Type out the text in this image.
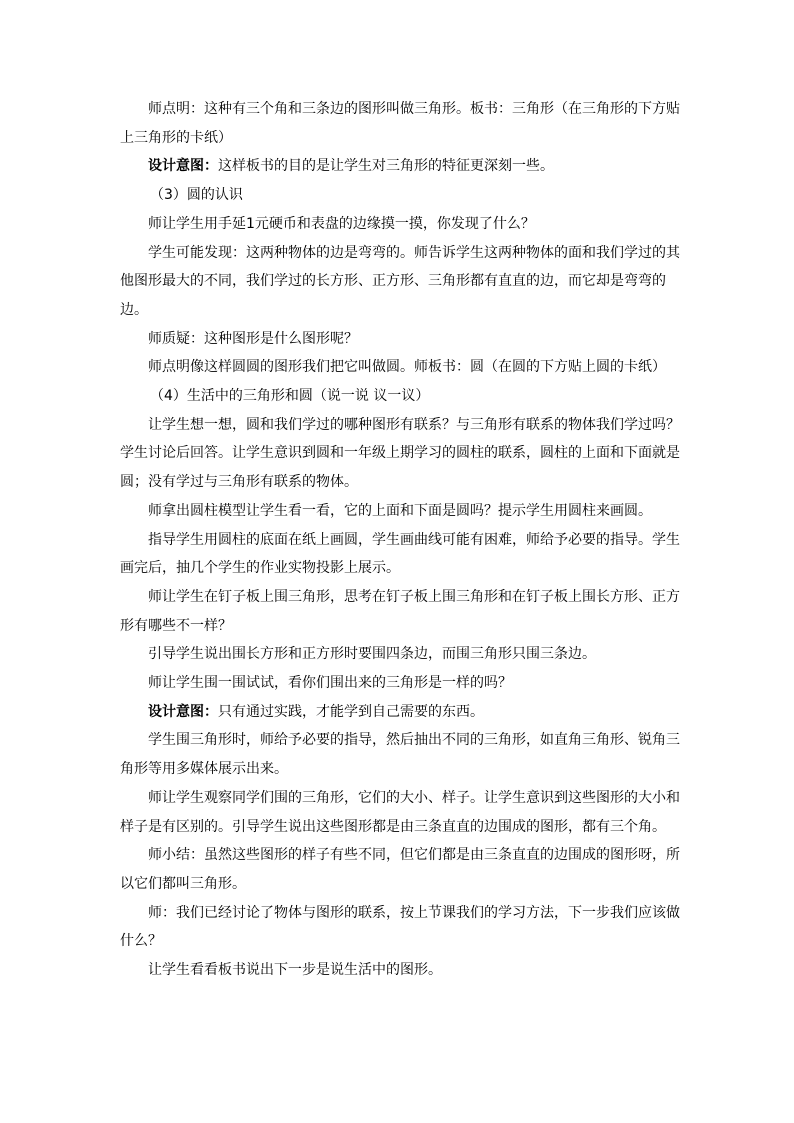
师点明：这种有三个角和三条边的图形叫做三角形。板书：三角形（在三角形的下方贴上三角形的卡纸）

设计意图：这样板书的目的是让学生对三角形的特征更深刻一些。

（3）圆的认识

师让学生用手延1元硬币和表盘的边缘摸一摸，你发现了什么？

学生可能发现：这两种物体的边是弯弯的。师告诉学生这两种物体的面和我们学过的其他图形最大的不同，我们学过的长方形、正方形、三角形都有直直的边，而它却是弯弯的边。

师质疑：这种图形是什么图形呢？

师点明像这样圆圆的图形我们把它叫做圆。师板书：圆（在圆的下方贴上圆的卡纸）

（4）生活中的三角形和圆（说一说 议一议）

让学生想一想，圆和我们学过的哪种图形有联系？与三角形有联系的物体我们学过吗？学生讨论后回答。让学生意识到圆和一年级上期学习的圆柱的联系，圆柱的上面和下面就是圆；没有学过与三角形有联系的物体。

师拿出圆柱模型让学生看一看，它的上面和下面是圆吗？提示学生用圆柱来画圆。

指导学生用圆柱的底面在纸上画圆，学生画曲线可能有困难，师给予必要的指导。学生画完后，抽几个学生的作业实物投影上展示。

师让学生在钉子板上围三角形，思考在钉子板上围三角形和在钉子板上围长方形、正方形有哪些不一样？

引导学生说出围长方形和正方形时要围四条边，而围三角形只围三条边。

师让学生围一围试试，看你们围出来的三角形是一样的吗？

设计意图：只有通过实践，才能学到自己需要的东西。

学生围三角形时，师给予必要的指导，然后抽出不同的三角形，如直角三角形、锐角三角形等用多媒体展示出来。

师让学生观察同学们围的三角形，它们的大小、样子。让学生意识到这些图形的大小和样子是有区别的。引导学生说出这些图形都是由三条直直的边围成的图形，都有三个角。

师小结：虽然这些图形的样子有些不同，但它们都是由三条直直的边围成的图形呀，所以它们都叫三角形。

师：我们已经讨论了物体与图形的联系，按上节课我们的学习方法，下一步我们应该做什么？

让学生看看板书说出下一步是说生活中的图形。
